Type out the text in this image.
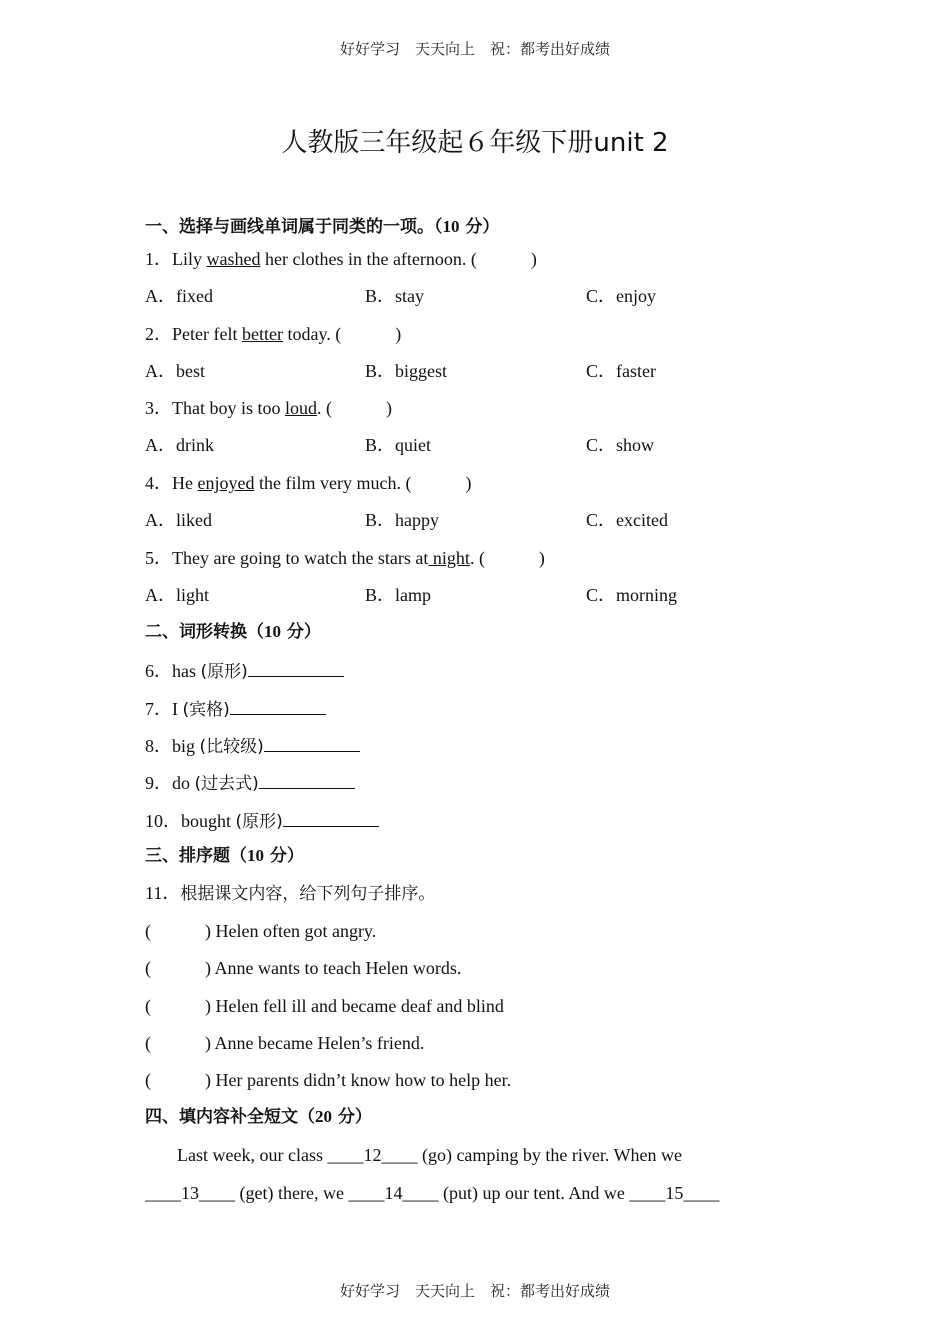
好好学习　天天向上　祝：都考出好成绩
人教版三年级起６年级下册unit 2
一、选择与画线单词属于同类的一项。（10 分）
1．Lily washed her clothes in the afternoon. (　　　)
A．fixed	B．stay	C．enjoy
2．Peter felt better today. (　　　)
A．best	B．biggest	C．faster
3．That boy is too loud. (　　　)
A．drink	B．quiet	C．show
4．He enjoyed the film very much. (　　　)
A．liked	B．happy	C．excited
5．They are going to watch the stars at night. (　　　)
A．light	B．lamp	C．morning
二、词形转换（10 分）
6．has (原形)
7．I (宾格)
8．big (比较级)
9．do (过去式)
10．bought (原形)
三、排序题（10 分）
11．根据课文内容，给下列句子排序。
(　　　) Helen often got angry.
(　　　) Anne wants to teach Helen words.
(　　　) Helen fell ill and became deaf and blind
(　　　) Anne became Helen’s friend.
(　　　) Her parents didn’t know how to help her.
四、填内容补全短文（20 分）
Last week, our class ____12____ (go) camping by the river. When we
____13____ (get) there, we ____14____ (put) up our tent. And we ____15____
好好学习　天天向上　祝：都考出好成绩
